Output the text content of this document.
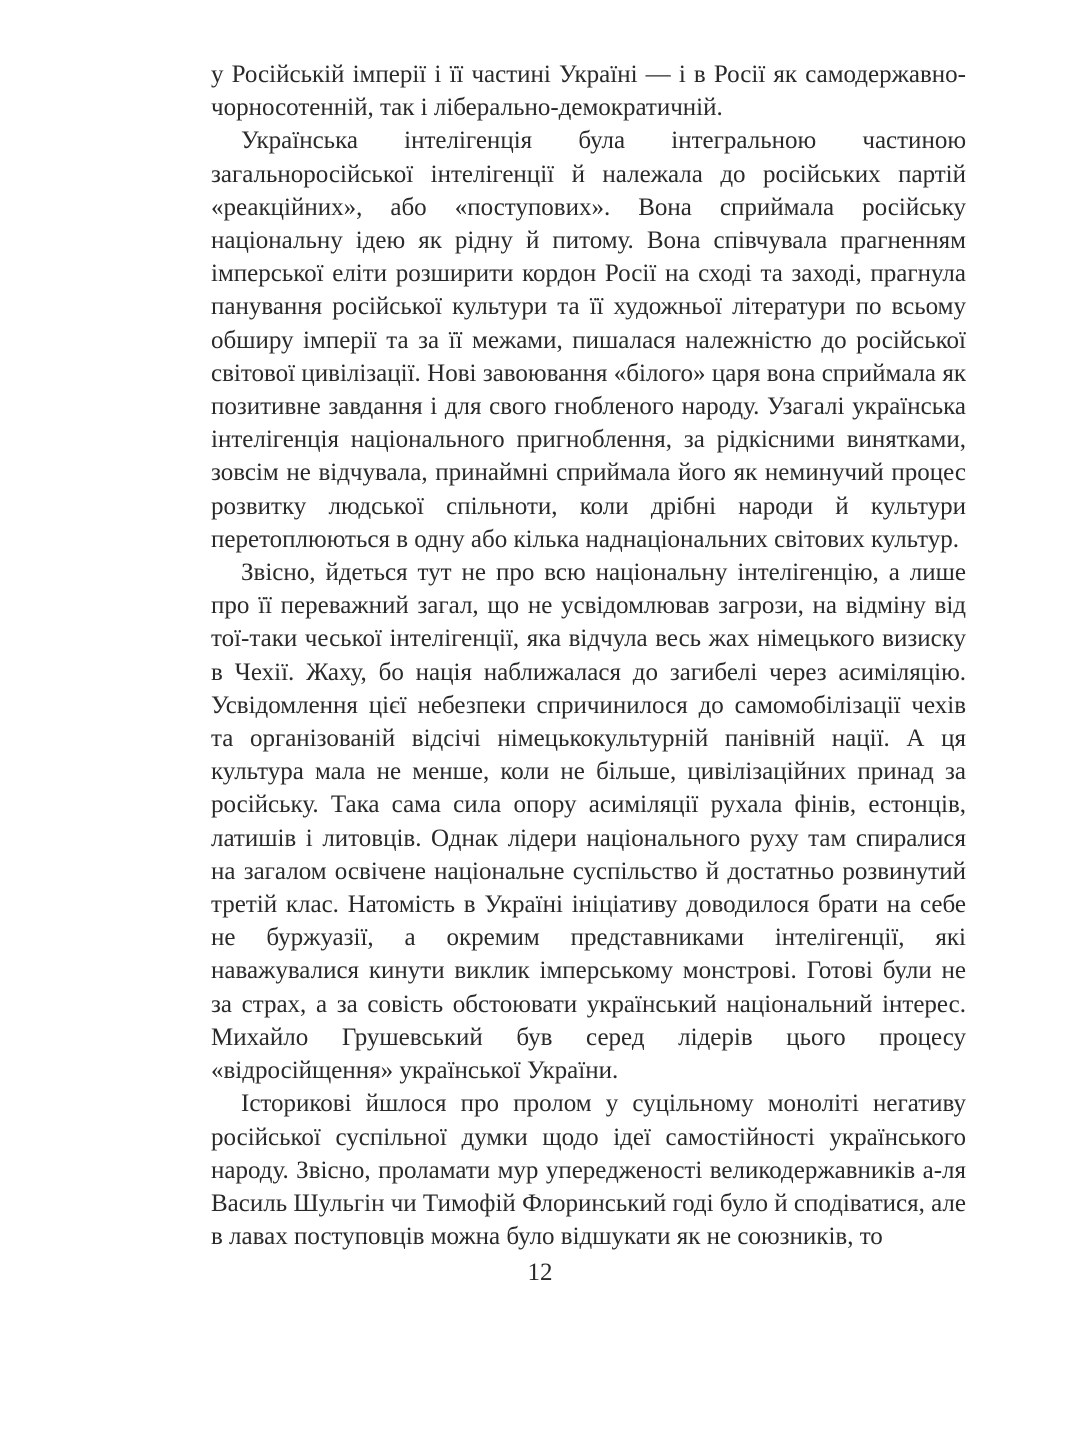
у Російській імперії і її частині Україні — і в Росії як самодержавно-чорносотенній, так і ліберально-демократичній.

Українська інтелігенція була інтегральною частиною загальноросійської інтелігенції й належала до російських партій «реакційних», або «поступових». Вона сприймала російську національну ідею як рідну й питому. Вона співчувала прагненням імперської еліти розширити кордон Росії на сході та заході, прагнула панування російської культури та її художньої літератури по всьому обширу імперії та за її межами, пишалася належністю до російської світової цивілізації. Нові завоювання «білого» царя вона сприймала як позитивне завдання і для свого гнобленого народу. Узагалі українська інтелігенція національного пригноблення, за рідкісними винятками, зовсім не відчувала, принаймні сприймала його як неминучий процес розвитку людської спільноти, коли дрібні народи й культури перетоплюються в одну або кілька наднаціональних світових культур.

Звісно, йдеться тут не про всю національну інтелігенцію, а лише про її переважний загал, що не усвідомлював загрози, на відміну від тої-таки чеської інтелігенції, яка відчула весь жах німецького визиску в Чехії. Жаху, бо нація наближалася до загибелі через асиміляцію. Усвідомлення цієї небезпеки спричинилося до самомобілізації чехів та організованій відсічі німецькокультурній панівній нації. А ця культура мала не менше, коли не більше, цивілізаційних принад за російську. Така сама сила опору асиміляції рухала фінів, естонців, латишів і литовців. Однак лідери національного руху там спиралися на загалом освічене національне суспільство й достатньо розвинутий третій клас. Натомість в Україні ініціативу доводилося брати на себе не буржуазії, а окремим представниками інтелігенції, які наважувалися кинути виклик імперському монстрові. Готові були не за страх, а за совість обстоювати український національний інтерес. Михайло Грушевський був серед лідерів цього процесу «відросійщення» української України.

Історикові йшлося про пролом у суцільному моноліті негативу російської суспільної думки щодо ідеї самостійності українського народу. Звісно, проламати мур упередженості великодержавників а-ля Василь Шульгін чи Тимофій Флоринський годі було й сподіватися, але в лавах поступовців можна було відшукати як не союзників, то

12
